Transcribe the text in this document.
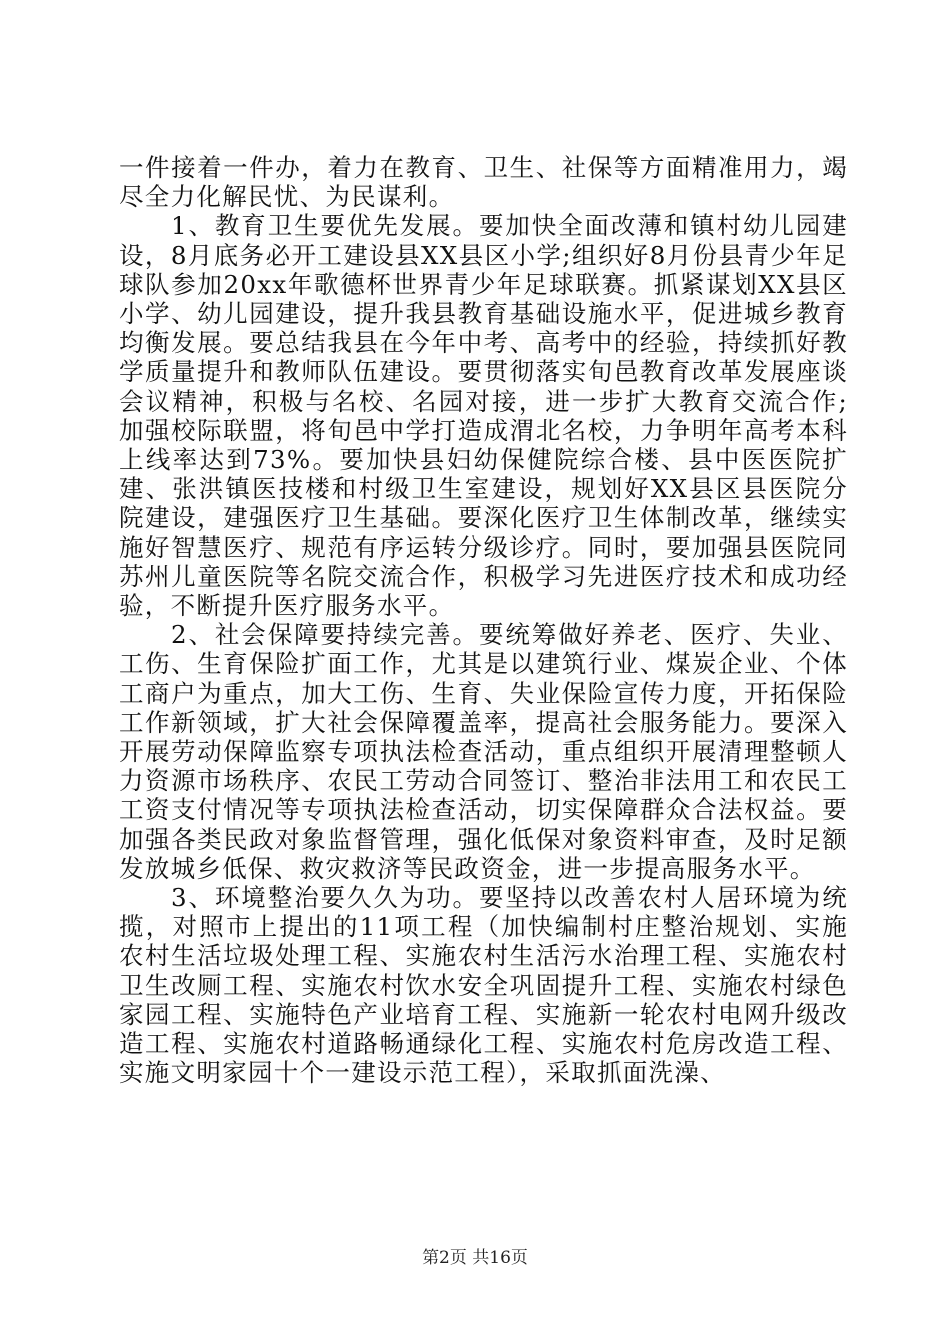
一件接着一件办，着力在教育、卫生、社保等方面精准用力，竭尽全力化解民忧、为民谋利。

1、教育卫生要优先发展。要加快全面改薄和镇村幼儿园建设，8月底务必开工建设县XX县区小学;组织好8月份县青少年足球队参加20xx年歌德杯世界青少年足球联赛。抓紧谋划XX县区小学、幼儿园建设，提升我县教育基础设施水平，促进城乡教育均衡发展。要总结我县在今年中考、高考中的经验，持续抓好教学质量提升和教师队伍建设。要贯彻落实旬邑教育改革发展座谈会议精神，积极与名校、名园对接，进一步扩大教育交流合作;加强校际联盟，将旬邑中学打造成渭北名校，力争明年高考本科上线率达到73%。要加快县妇幼保健院综合楼、县中医医院扩建、张洪镇医技楼和村级卫生室建设，规划好XX县区县医院分院建设，建强医疗卫生基础。要深化医疗卫生体制改革，继续实施好智慧医疗、规范有序运转分级诊疗。同时，要加强县医院同苏州儿童医院等名院交流合作，积极学习先进医疗技术和成功经验，不断提升医疗服务水平。

2、社会保障要持续完善。要统筹做好养老、医疗、失业、工伤、生育保险扩面工作，尤其是以建筑行业、煤炭企业、个体工商户为重点，加大工伤、生育、失业保险宣传力度，开拓保险工作新领域，扩大社会保障覆盖率，提高社会服务能力。要深入开展劳动保障监察专项执法检查活动，重点组织开展清理整顿人力资源市场秩序、农民工劳动合同签订、整治非法用工和农民工工资支付情况等专项执法检查活动，切实保障群众合法权益。要加强各类民政对象监督管理，强化低保对象资料审查，及时足额发放城乡低保、救灾救济等民政资金，进一步提高服务水平。

3、环境整治要久久为功。要坚持以改善农村人居环境为统揽，对照市上提出的11项工程（加快编制村庄整治规划、实施农村生活垃圾处理工程、实施农村生活污水治理工程、实施农村卫生改厕工程、实施农村饮水安全巩固提升工程、实施农村绿色家园工程、实施特色产业培育工程、实施新一轮农村电网升级改造工程、实施农村道路畅通绿化工程、实施农村危房改造工程、实施文明家园十个一建设示范工程），采取抓面洗澡、

第2页 共16页
